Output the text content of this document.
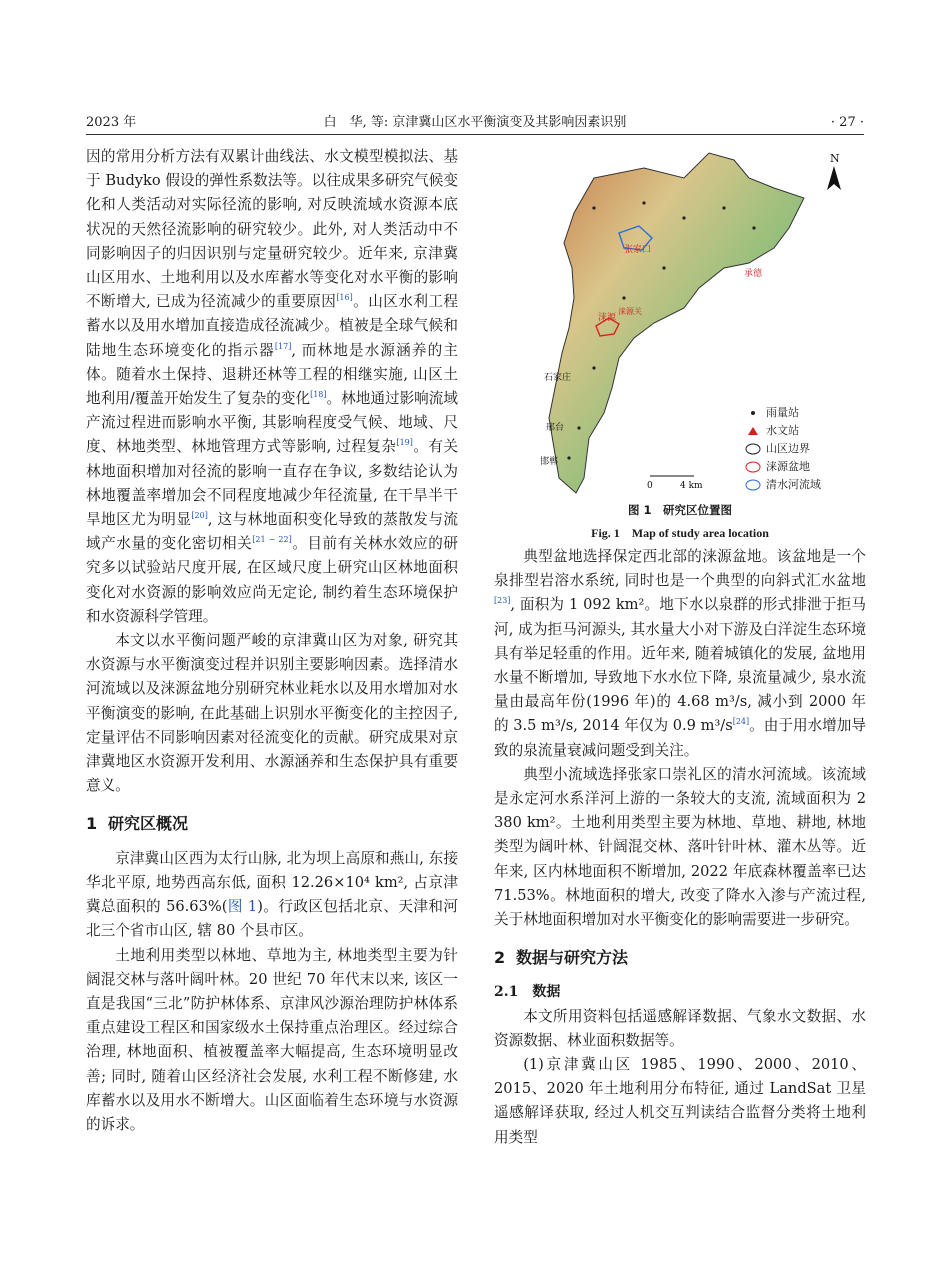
2023 年	白　华, 等: 京津冀山区水平衡演变及其影响因素识别	· 27 ·

因的常用分析方法有双累计曲线法、水文模型模拟法、基于 Budyko 假设的弹性系数法等。以往成果多研究气候变化和人类活动对实际径流的影响, 对反映流域水资源本底状况的天然径流影响的研究较少。此外, 对人类活动中不同影响因子的归因识别与定量研究较少。近年来, 京津冀山区用水、土地利用以及水库蓄水等变化对水平衡的影响不断增大, 已成为径流减少的重要原因[16]。山区水利工程蓄水以及用水增加直接造成径流减少。植被是全球气候和陆地生态环境变化的指示器[17], 而林地是水源涵养的主体。随着水土保持、退耕还林等工程的相继实施, 山区土地利用/覆盖开始发生了复杂的变化[18]。林地通过影响流域产流过程进而影响水平衡, 其影响程度受气候、地域、尺度、林地类型、林地管理方式等影响, 过程复杂[19]。有关林地面积增加对径流的影响一直存在争议, 多数结论认为林地覆盖率增加会不同程度地减少年径流量, 在干旱半干旱地区尤为明显[20], 这与林地面积变化导致的蒸散发与流域产水量的变化密切相关[21 − 22]。目前有关林水效应的研究多以试验站尺度开展, 在区域尺度上研究山区林地面积变化对水资源的影响效应尚无定论, 制约着生态环境保护和水资源科学管理。

本文以水平衡问题严峻的京津冀山区为对象, 研究其水资源与水平衡演变过程并识别主要影响因素。选择清水河流域以及涞源盆地分别研究林业耗水以及用水增加对水平衡演变的影响, 在此基础上识别水平衡变化的主控因子, 定量评估不同影响因素对径流变化的贡献。研究成果对京津冀地区水资源开发利用、水源涵养和生态保护具有重要意义。

1 研究区概况

京津冀山区西为太行山脉, 北为坝上高原和燕山, 东接华北平原, 地势西高东低, 面积 12.26×10⁴ km², 占京津冀总面积的 56.63%(图 1)。行政区包括北京、天津和河北三个省市山区, 辖 80 个县市区。

土地利用类型以林地、草地为主, 林地类型主要为针阔混交林与落叶阔叶林。20 世纪 70 年代末以来, 该区一直是我国“三北”防护林体系、京津风沙源治理防护林体系重点建设工程区和国家级水土保持重点治理区。经过综合治理, 林地面积、植被覆盖率大幅提高, 生态环境明显改善; 同时, 随着山区经济社会发展, 水利工程不断修建, 水库蓄水以及用水不断增大。山区面临着生态环境与水资源的诉求。

石家庄
邢台
邯郸
张家口
涞源
涞源关
承德
N
0	4 km
雨量站
水文站
山区边界
涞源盆地
清水河流域
图 1　研究区位置图
Fig. 1　Map of study area location

典型盆地选择保定西北部的涞源盆地。该盆地是一个泉排型岩溶水系统, 同时也是一个典型的向斜式汇水盆地[23], 面积为 1 092 km²。地下水以泉群的形式排泄于拒马河, 成为拒马河源头, 其水量大小对下游及白洋淀生态环境具有举足轻重的作用。近年来, 随着城镇化的发展, 盆地用水量不断增加, 导致地下水水位下降, 泉流量减少, 泉水流量由最高年份(1996 年)的 4.68 m³/s, 减小到 2000 年的 3.5 m³/s, 2014 年仅为 0.9 m³/s[24]。由于用水增加导致的泉流量衰减问题受到关注。

典型小流域选择张家口崇礼区的清水河流域。该流域是永定河水系洋河上游的一条较大的支流, 流域面积为 2 380 km²。土地利用类型主要为林地、草地、耕地, 林地类型为阔叶林、针阔混交林、落叶针叶林、灌木丛等。近年来, 区内林地面积不断增加, 2022 年底森林覆盖率已达 71.53%。林地面积的增大, 改变了降水入渗与产流过程, 关于林地面积增加对水平衡变化的影响需要进一步研究。

2 数据与研究方法
2.1　数据

本文所用资料包括遥感解译数据、气象水文数据、水资源数据、林业面积数据等。

(1)京津冀山区 1985、1990、2000、2010、2015、2020 年土地利用分布特征, 通过 LandSat 卫星遥感解译获取, 经过人机交互判读结合监督分类将土地利用类型
